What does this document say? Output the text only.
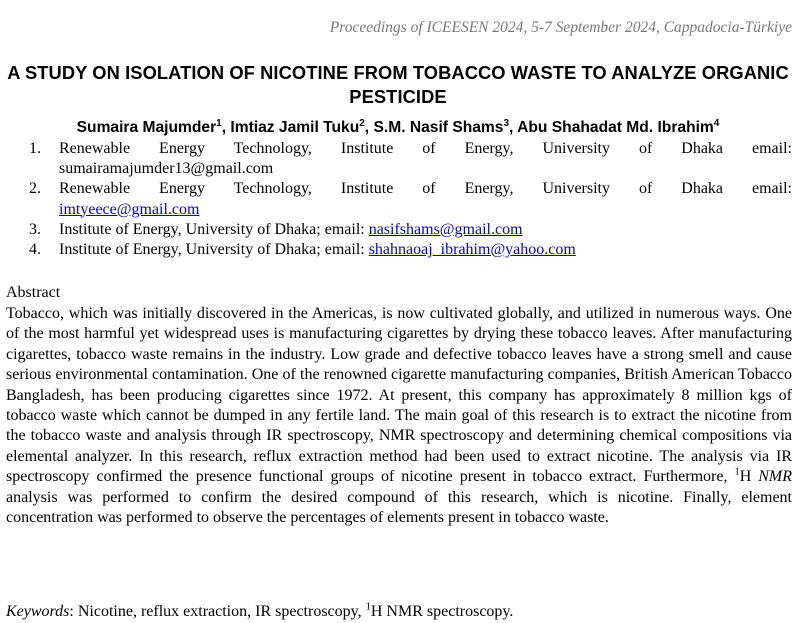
Proceedings of ICEESEN 2024, 5-7 September 2024, Cappadocia-Türkiye
A STUDY ON ISOLATION OF NICOTINE FROM TOBACCO WASTE TO ANALYZE ORGANIC PESTICIDE
Sumaira Majumder$^1$, Imtiaz Jamil Tuku$^2$, S.M. Nasif Shams$^3$, Abu Shahadat Md. Ibrahim$^4$
1. Renewable Energy Technology, Institute of Energy, University of Dhaka email:
sumairamajumder13@gmail.com
2. Renewable Energy Technology, Institute of Energy, University of Dhaka email:
imtyeece@gmail.com
3. Institute of Energy, University of Dhaka; email: nasifshams@gmail.com
4. Institute of Energy, University of Dhaka; email: shahnaoaj_ibrahim@yahoo.com
Abstract

Tobacco, which was initially discovered in the Americas, is now cultivated globally, and utilized in numerous ways. One of the most harmful yet widespread uses is manufacturing cigarettes by drying these tobacco leaves. After manufacturing cigarettes, tobacco waste remains in the industry. Low grade and defective tobacco leaves have a strong smell and cause serious environmental contamination. One of the renowned cigarette manufacturing companies, British American Tobacco Bangladesh, has been producing cigarettes since 1972. At present, this company has approximately 8 million kgs of tobacco waste which cannot be dumped in any fertile land. The main goal of this research is to extract the nicotine from the tobacco waste and analysis through IR spectroscopy, NMR spectroscopy and determining chemical compositions via elemental analyzer. In this research, reflux extraction method had been used to extract nicotine. The analysis via IR spectroscopy confirmed the presence functional groups of nicotine present in tobacco extract. Furthermore, $^1$H NMR analysis was performed to confirm the desired compound of this research, which is nicotine. Finally, element concentration was performed to observe the percentages of elements present in tobacco waste.

Keywords: Nicotine, reflux extraction, IR spectroscopy, $^1$H NMR spectroscopy.
